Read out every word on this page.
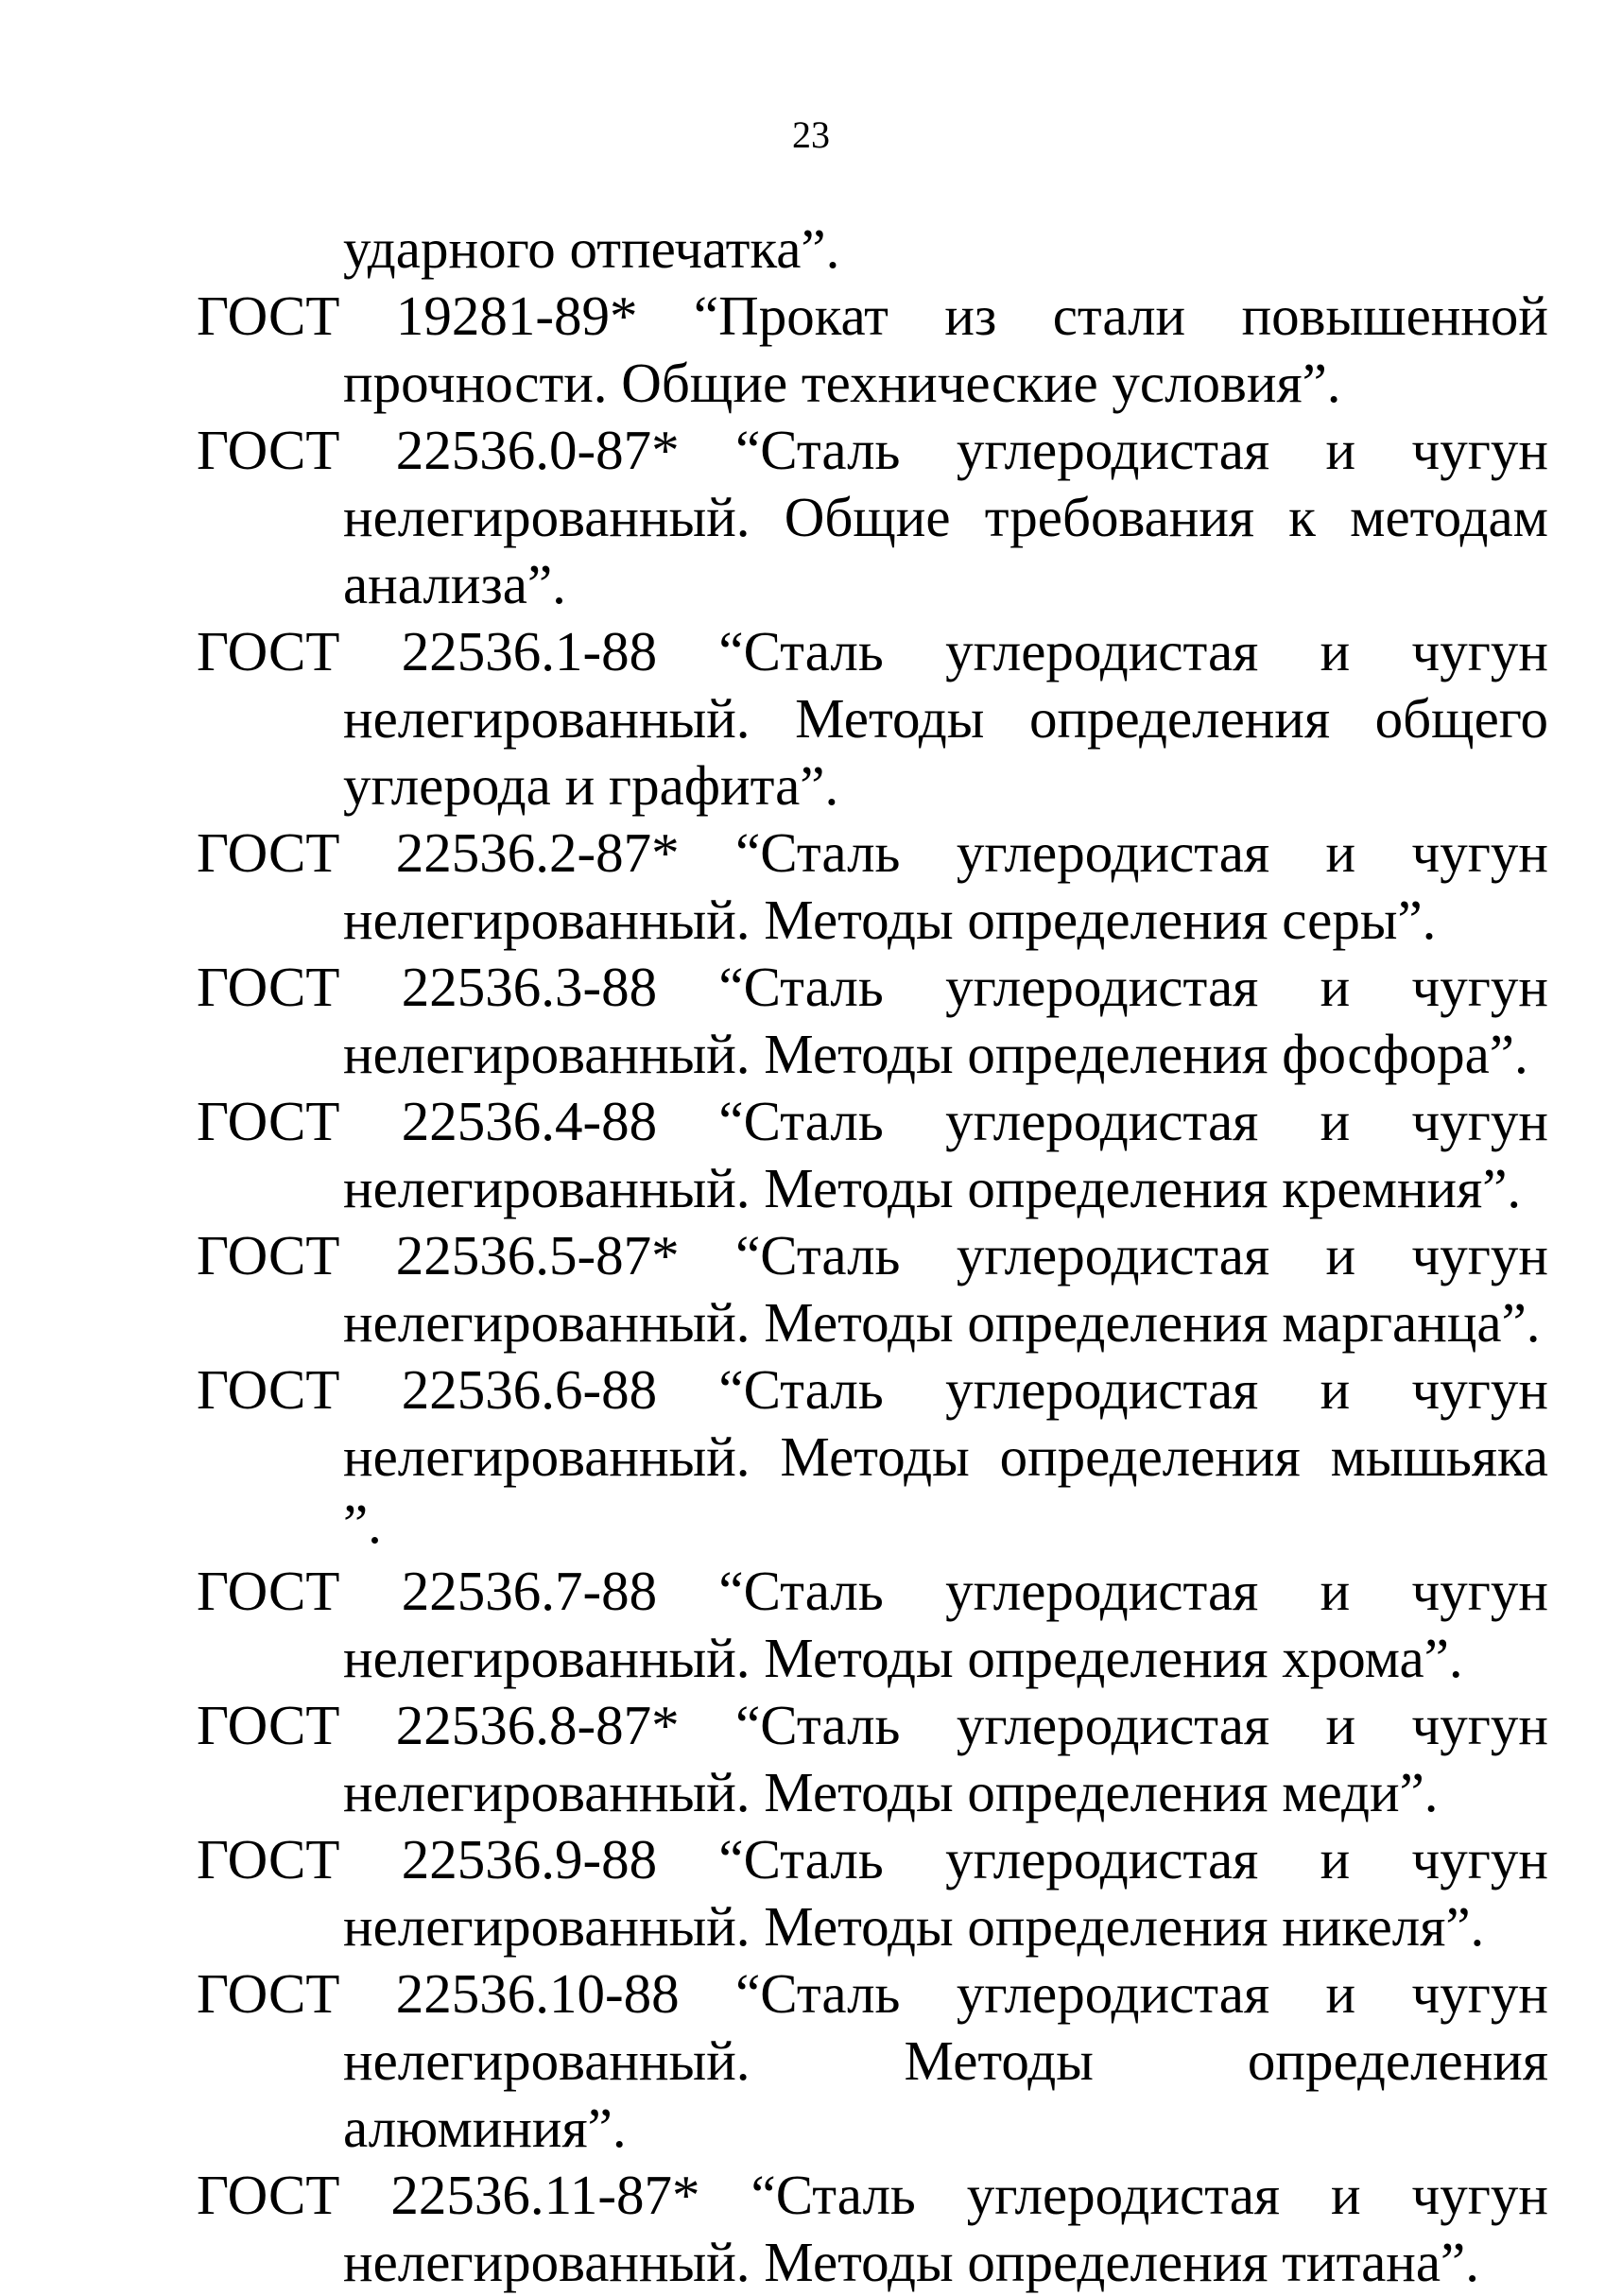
23
ударного отпечатка”.

ГОСТ 19281-89* “Прокат из стали повышенной прочности. Общие технические условия”.

ГОСТ 22536.0-87* “Сталь углеродистая и чугун нелегированный. Общие требования к методам анализа”.

ГОСТ 22536.1-88 “Сталь углеродистая и чугун нелегированный. Методы определения общего углерода и графита”.

ГОСТ 22536.2-87* “Сталь углеродистая и чугун нелегированный. Методы определения серы”.

ГОСТ 22536.3-88 “Сталь углеродистая и чугун нелегированный. Методы определения фосфора”.

ГОСТ 22536.4-88 “Сталь углеродистая и чугун нелегированный. Методы определения кремния”.

ГОСТ 22536.5-87* “Сталь углеродистая и чугун нелегированный. Методы определения марганца”.

ГОСТ 22536.6-88 “Сталь углеродистая и чугун нелегированный. Методы определения мышьяка ”.

ГОСТ 22536.7-88 “Сталь углеродистая и чугун нелегированный. Методы определения хрома”.

ГОСТ 22536.8-87* “Сталь углеродистая и чугун нелегированный. Методы определения меди”.

ГОСТ 22536.9-88 “Сталь углеродистая и чугун нелегированный. Методы определения никеля”.

ГОСТ 22536.10-88 “Сталь углеродистая и чугун нелегированный. Методы определения алюминия”.

ГОСТ 22536.11-87* “Сталь углеродистая и чугун нелегированный. Методы определения титана”.
